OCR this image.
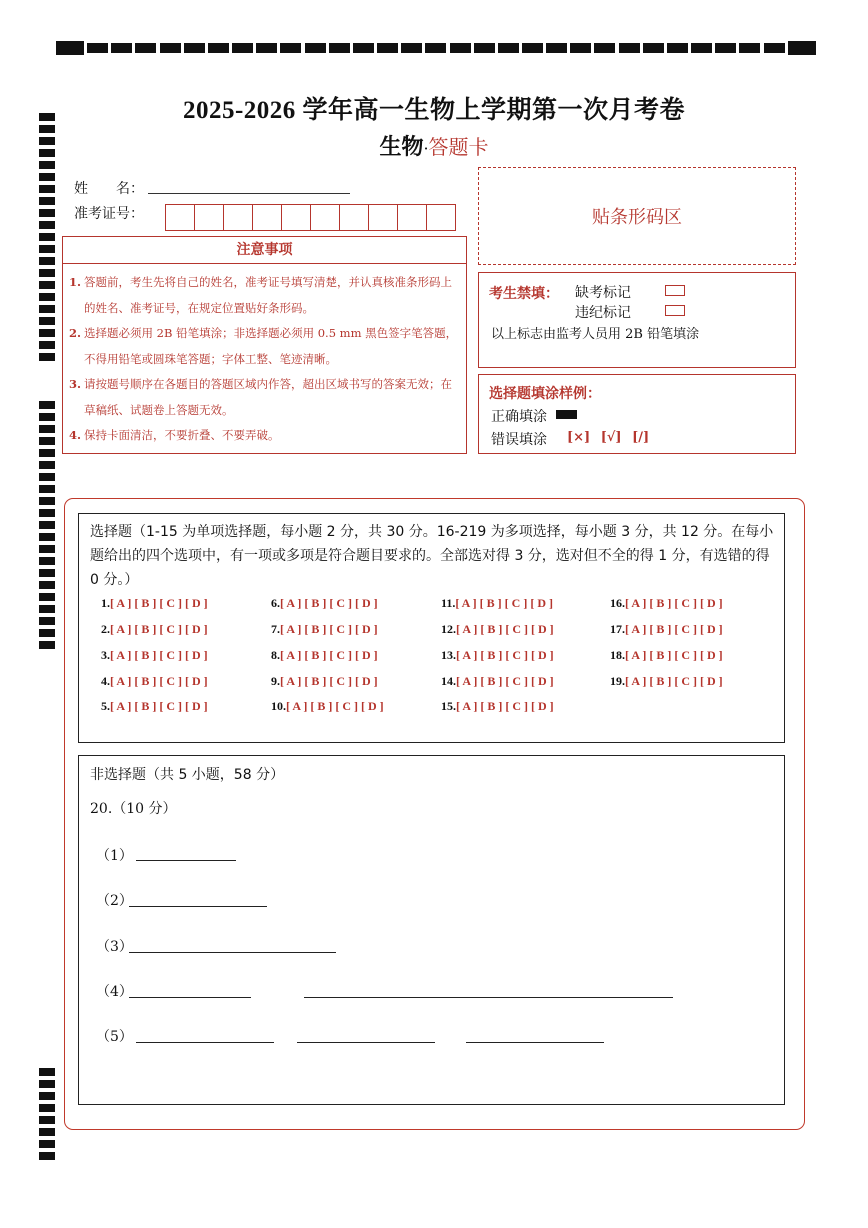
2025-2026 学年高一生物上学期第一次月考卷
生物·答题卡
姓　　名：
准考证号：	贴条形码区
注意事项
1. 答题前，考生先将自己的姓名，准考证号填写清楚，并认真核准条形码上的姓名、准考证号，在规定位置贴好条形码。
2. 选择题必须用 2B 铅笔填涂；非选择题必须用 0.5 mm 黑色签字笔答题，不得用铅笔或圆珠笔答题；字体工整、笔迹清晰。
3. 请按题号顺序在各题目的答题区域内作答，超出区域书写的答案无效；在草稿纸、试题卷上答题无效。
4. 保持卡面清洁，不要折叠、不要弄破。
考生禁填： 缺考标记
违纪标记
以上标志由监考人员用 2B 铅笔填涂
选择题填涂样例：
正确填涂
错误填涂 [×] [√] [/]
选择题（1-15 为单项选择题，每小题 2 分，共 30 分。16-219 为多项选择，每小题 3 分，共 12 分。在每小题给出的四个选项中，有一项或多项是符合题目要求的。全部选对得 3 分，选对但不全的得 1 分，有选错的得 0 分。）
1.[ A ] [ B ] [ C ] [ D ]
2.[ A ] [ B ] [ C ] [ D ]
3.[ A ] [ B ] [ C ] [ D ]
4.[ A ] [ B ] [ C ] [ D ]
5.[ A ] [ B ] [ C ] [ D ]
6.[ A ] [ B ] [ C ] [ D ]
7.[ A ] [ B ] [ C ] [ D ]
8.[ A ] [ B ] [ C ] [ D ]
9.[ A ] [ B ] [ C ] [ D ]
10.[ A ] [ B ] [ C ] [ D ]
11.[ A ] [ B ] [ C ] [ D ]
12.[ A ] [ B ] [ C ] [ D ]
13.[ A ] [ B ] [ C ] [ D ]
14.[ A ] [ B ] [ C ] [ D ]
15.[ A ] [ B ] [ C ] [ D ]
16.[ A ] [ B ] [ C ] [ D ]
17.[ A ] [ B ] [ C ] [ D ]
18.[ A ] [ B ] [ C ] [ D ]
19.[ A ] [ B ] [ C ] [ D ]
非选择题（共 5 小题，58 分）
20.（10 分）
（1）
（2）
（3）
（4）
（5）
